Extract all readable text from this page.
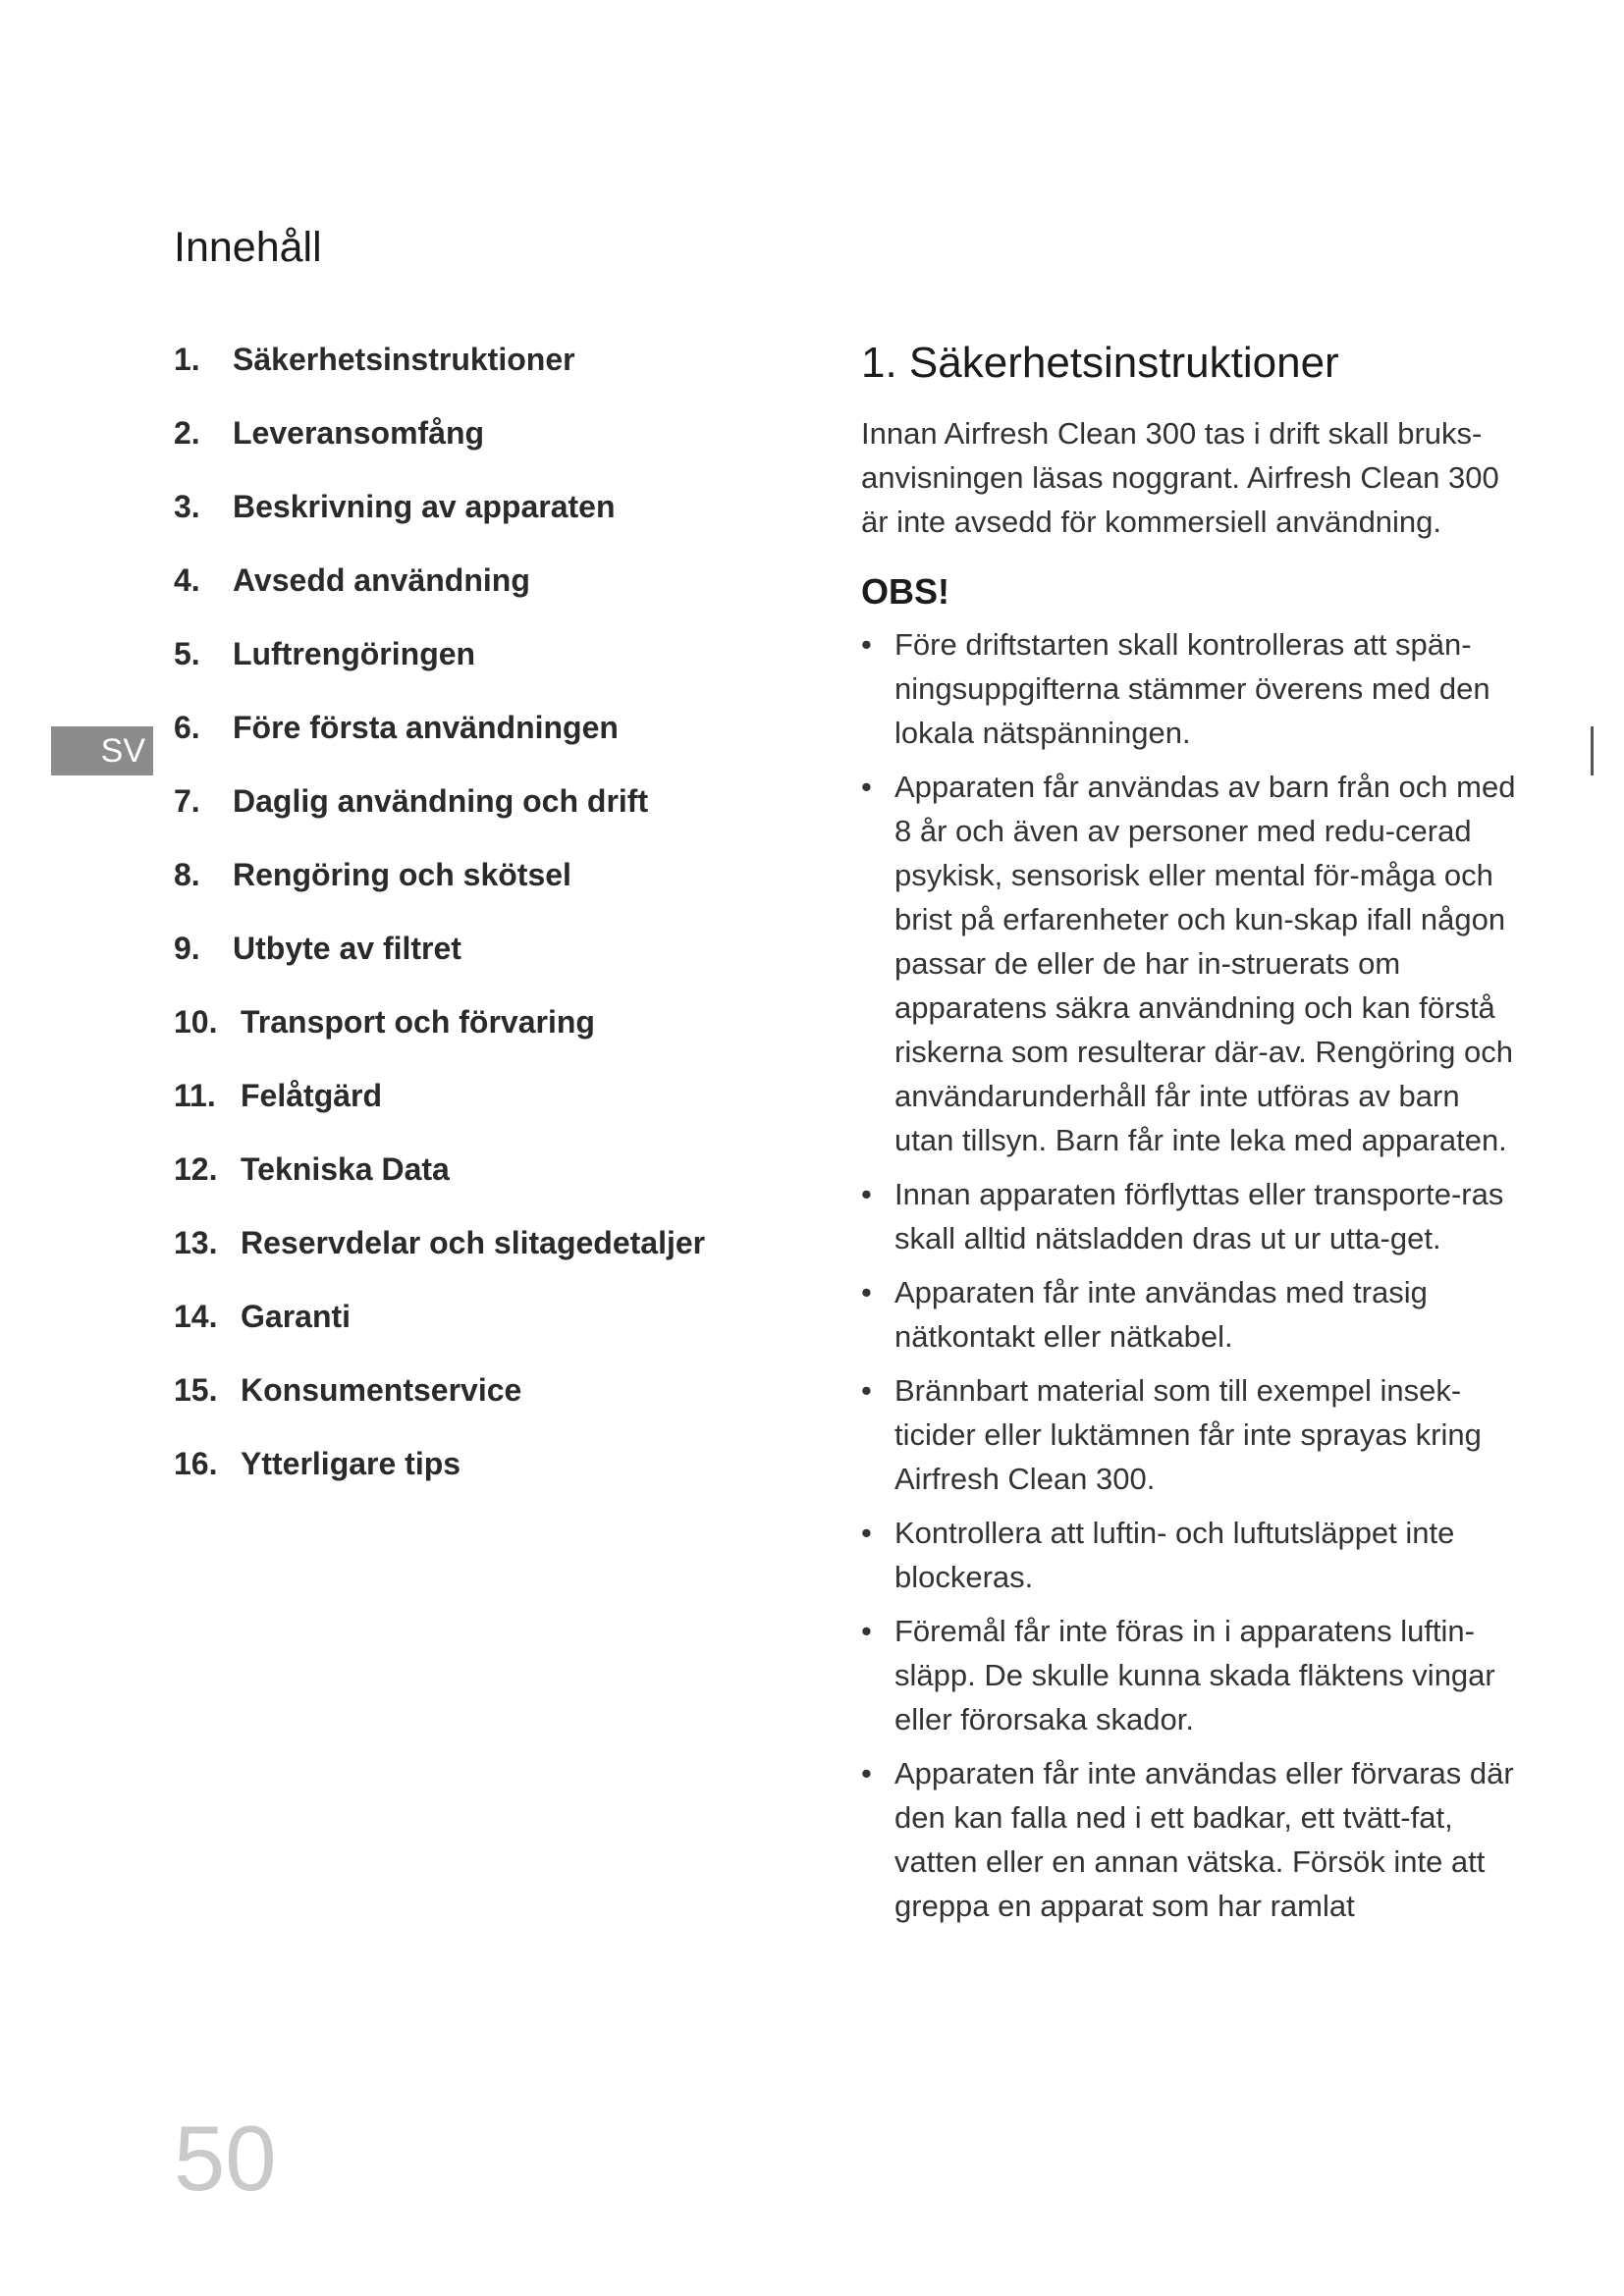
Innehåll
1.	Säkerhetsinstruktioner
2.	Leveransomfång
3.	Beskrivning av apparaten
4.	Avsedd användning
5.	Luftrengöringen
6.	Före första användningen
7.	Daglig användning och drift
8.	Rengöring och skötsel
9.	Utbyte av filtret
10. Transport och förvaring
11. Felåtgärd
12. Tekniska Data
13. Reservdelar och slitagedetaljer
14. Garanti
15. Konsumentservice
16. Ytterligare tips
SV
1. Säkerhetsinstruktioner

Innan Airfresh Clean 300 tas i drift skall bruks-anvisningen läsas noggrant. Airfresh Clean 300 är inte avsedd för kommersiell användning.

OBS!
• Före driftstarten skall kontrolleras att spän-ningsuppgifterna stämmer överens med den lokala nätspänningen.
• Apparaten får användas av barn från och med 8 år och även av personer med redu-cerad psykisk, sensorisk eller mental för-måga och brist på erfarenheter och kun-skap ifall någon passar de eller de har in-struerats om apparatens säkra användning och kan förstå riskerna som resulterar där-av. Rengöring och användarunderhåll får inte utföras av barn utan tillsyn. Barn får inte leka med apparaten.
• Innan apparaten förflyttas eller transporte-ras skall alltid nätsladden dras ut ur utta-get.
• Apparaten får inte användas med trasig nätkontakt eller nätkabel.
• Brännbart material som till exempel insek-ticider eller luktämnen får inte sprayas kring Airfresh Clean 300.
• Kontrollera att luftin- och luftutsläppet inte blockeras.
• Föremål får inte föras in i apparatens luftin-släpp. De skulle kunna skada fläktens vingar eller förorsaka skador.
• Apparaten får inte användas eller förvaras där den kan falla ned i ett badkar, ett tvätt-fat, vatten eller en annan vätska. Försök inte att greppa en apparat som har ramlat
50
